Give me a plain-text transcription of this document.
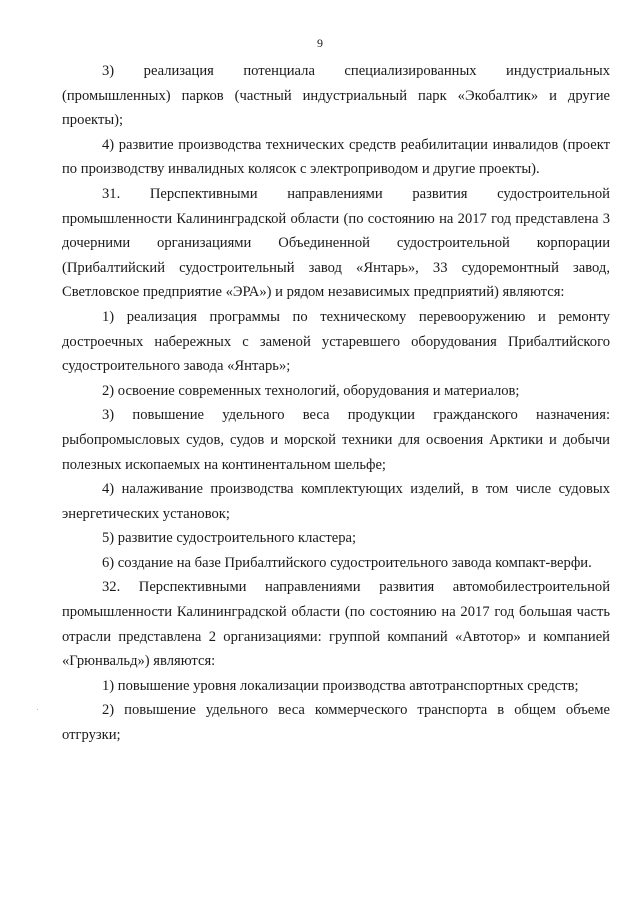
9

3) реализация потенциала специализированных индустриальных (промышленных) парков (частный индустриальный парк «Экобалтик» и другие проекты);

4) развитие производства технических средств реабилитации инвалидов (проект по производству инвалидных колясок с электроприводом и другие проекты).

31. Перспективными направлениями развития судостроительной промышленности Калининградской области (по состоянию на 2017 год представлена 3 дочерними организациями Объединенной судостроительной корпорации (Прибалтийский судостроительный завод «Янтарь», 33 судоремонтный завод, Светловское предприятие «ЭРА») и рядом независимых предприятий) являются:

1) реализация программы по техническому перевооружению и ремонту достроечных набережных с заменой устаревшего оборудования Прибалтийского судостроительного завода «Янтарь»;

2) освоение современных технологий, оборудования и материалов;

3) повышение удельного веса продукции гражданского назначения: рыбопромысловых судов, судов и морской техники для освоения Арктики и добычи полезных ископаемых на континентальном шельфе;

4) налаживание производства комплектующих изделий, в том числе судовых энергетических установок;

5) развитие судостроительного кластера;

6) создание на базе Прибалтийского судостроительного завода компакт-верфи.

32. Перспективными направлениями развития автомобилестроительной промышленности Калининградской области (по состоянию на 2017 год большая часть отрасли представлена 2 организациями: группой компаний «Автотор» и компанией «Грюнвальд») являются:

1) повышение уровня локализации производства автотранспортных средств;

2) повышение удельного веса коммерческого транспорта в общем объеме отгрузки;
